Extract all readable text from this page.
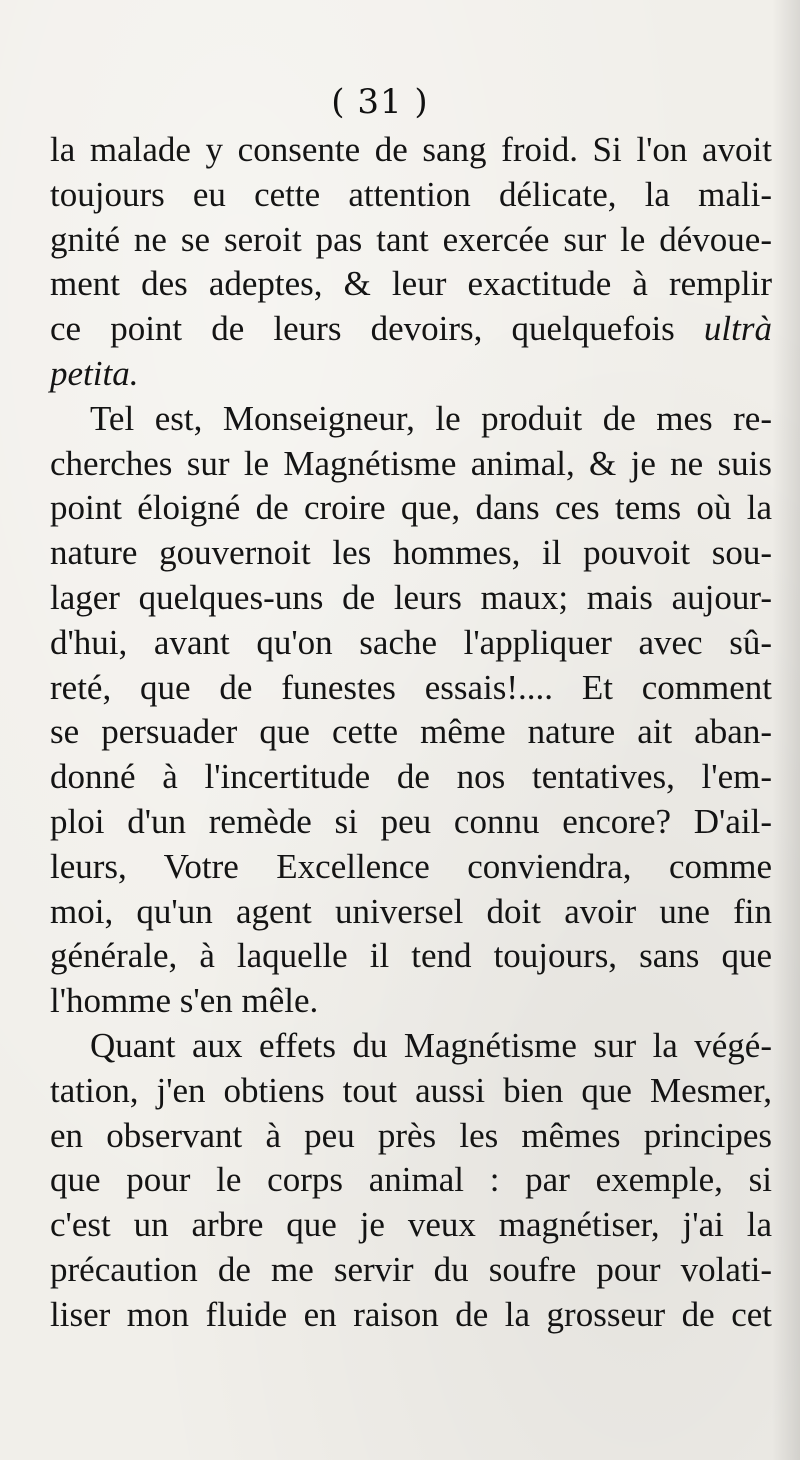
( 31 )
la malade y consente de sang froid. Si l'on avoit
toujours eu cette attention délicate, la mali-
gnité ne se seroit pas tant exercée sur le dévoue-
ment des adeptes, & leur exactitude à remplir
ce point de leurs devoirs, quelquefois ultrà
petita.
Tel est, Monseigneur, le produit de mes re-
cherches sur le Magnétisme animal, & je ne suis
point éloigné de croire que, dans ces tems où la
nature gouvernoit les hommes, il pouvoit sou-
lager quelques-uns de leurs maux; mais aujour-
d'hui, avant qu'on sache l'appliquer avec sû-
reté, que de funestes essais!.... Et comment
se persuader que cette même nature ait aban-
donné à l'incertitude de nos tentatives, l'em-
ploi d'un remède si peu connu encore? D'ail-
leurs, Votre Excellence conviendra, comme
moi, qu'un agent universel doit avoir une fin
générale, à laquelle il tend toujours, sans que
l'homme s'en mêle.
Quant aux effets du Magnétisme sur la végé-
tation, j'en obtiens tout aussi bien que Mesmer,
en observant à peu près les mêmes principes
que pour le corps animal : par exemple, si
c'est un arbre que je veux magnétiser, j'ai la
précaution de me servir du soufre pour volati-
liser mon fluide en raison de la grosseur de cet
